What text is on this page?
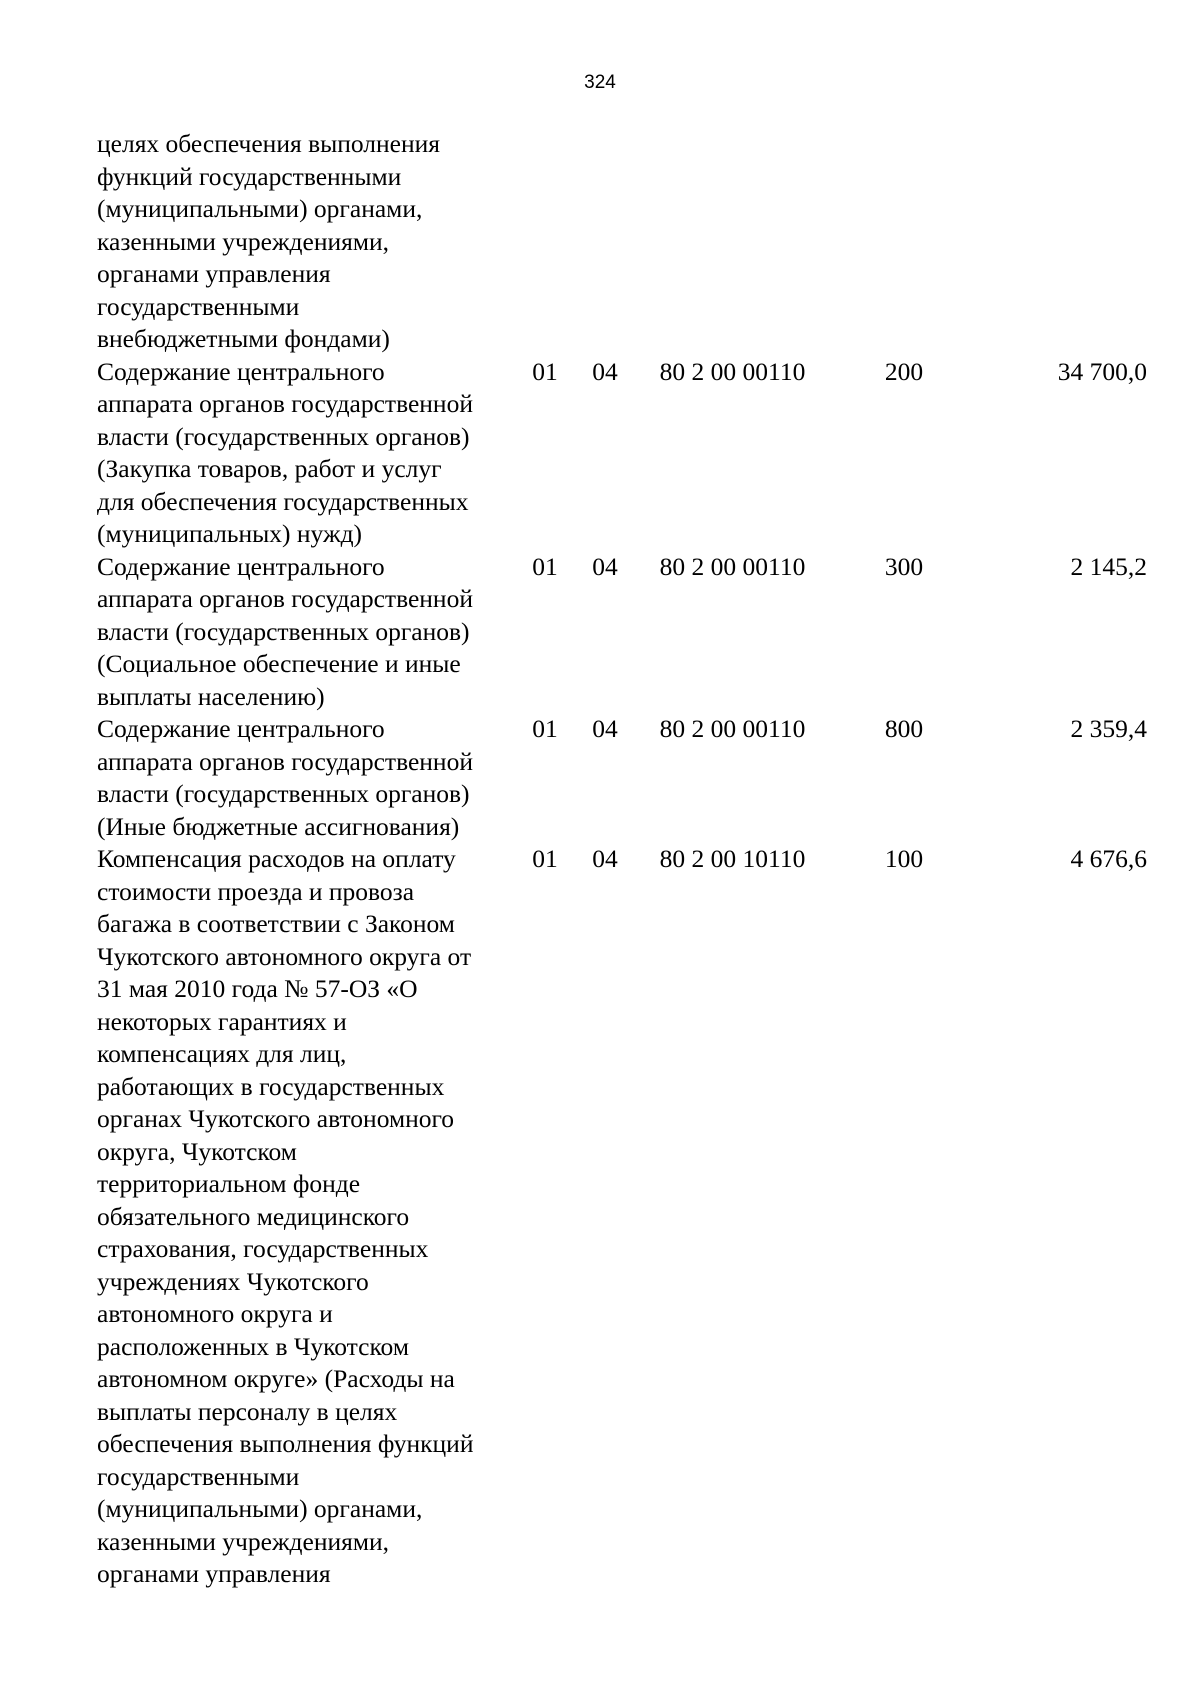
324
целях обеспечения выполнения
функций государственными
(муниципальными) органами,
казенными учреждениями,
органами управления
государственными
внебюджетными фондами)
Содержание центрального
аппарата органов государственной
власти (государственных органов)
(Закупка товаров, работ и услуг
для обеспечения государственных
(муниципальных) нужд)
01	04	80 2 00 00110	200	34 700,0
Содержание центрального
аппарата органов государственной
власти (государственных органов)
(Социальное обеспечение и иные
выплаты населению)
01	04	80 2 00 00110	300	2 145,2
Содержание центрального
аппарата органов государственной
власти (государственных органов)
(Иные бюджетные ассигнования)
01	04	80 2 00 00110	800	2 359,4
Компенсация расходов на оплату
стоимости проезда и провоза
багажа в соответствии с Законом
Чукотского автономного округа от
31 мая 2010 года № 57-ОЗ «О
некоторых гарантиях и
компенсациях для лиц,
работающих в государственных
органах Чукотского автономного
округа, Чукотском
территориальном фонде
обязательного медицинского
страхования, государственных
учреждениях Чукотского
автономного округа и
расположенных в Чукотском
автономном округе» (Расходы на
выплаты персоналу в целях
обеспечения выполнения функций
государственными
(муниципальными) органами,
казенными учреждениями,
органами управления
01	04	80 2 00 10110	100	4 676,6
